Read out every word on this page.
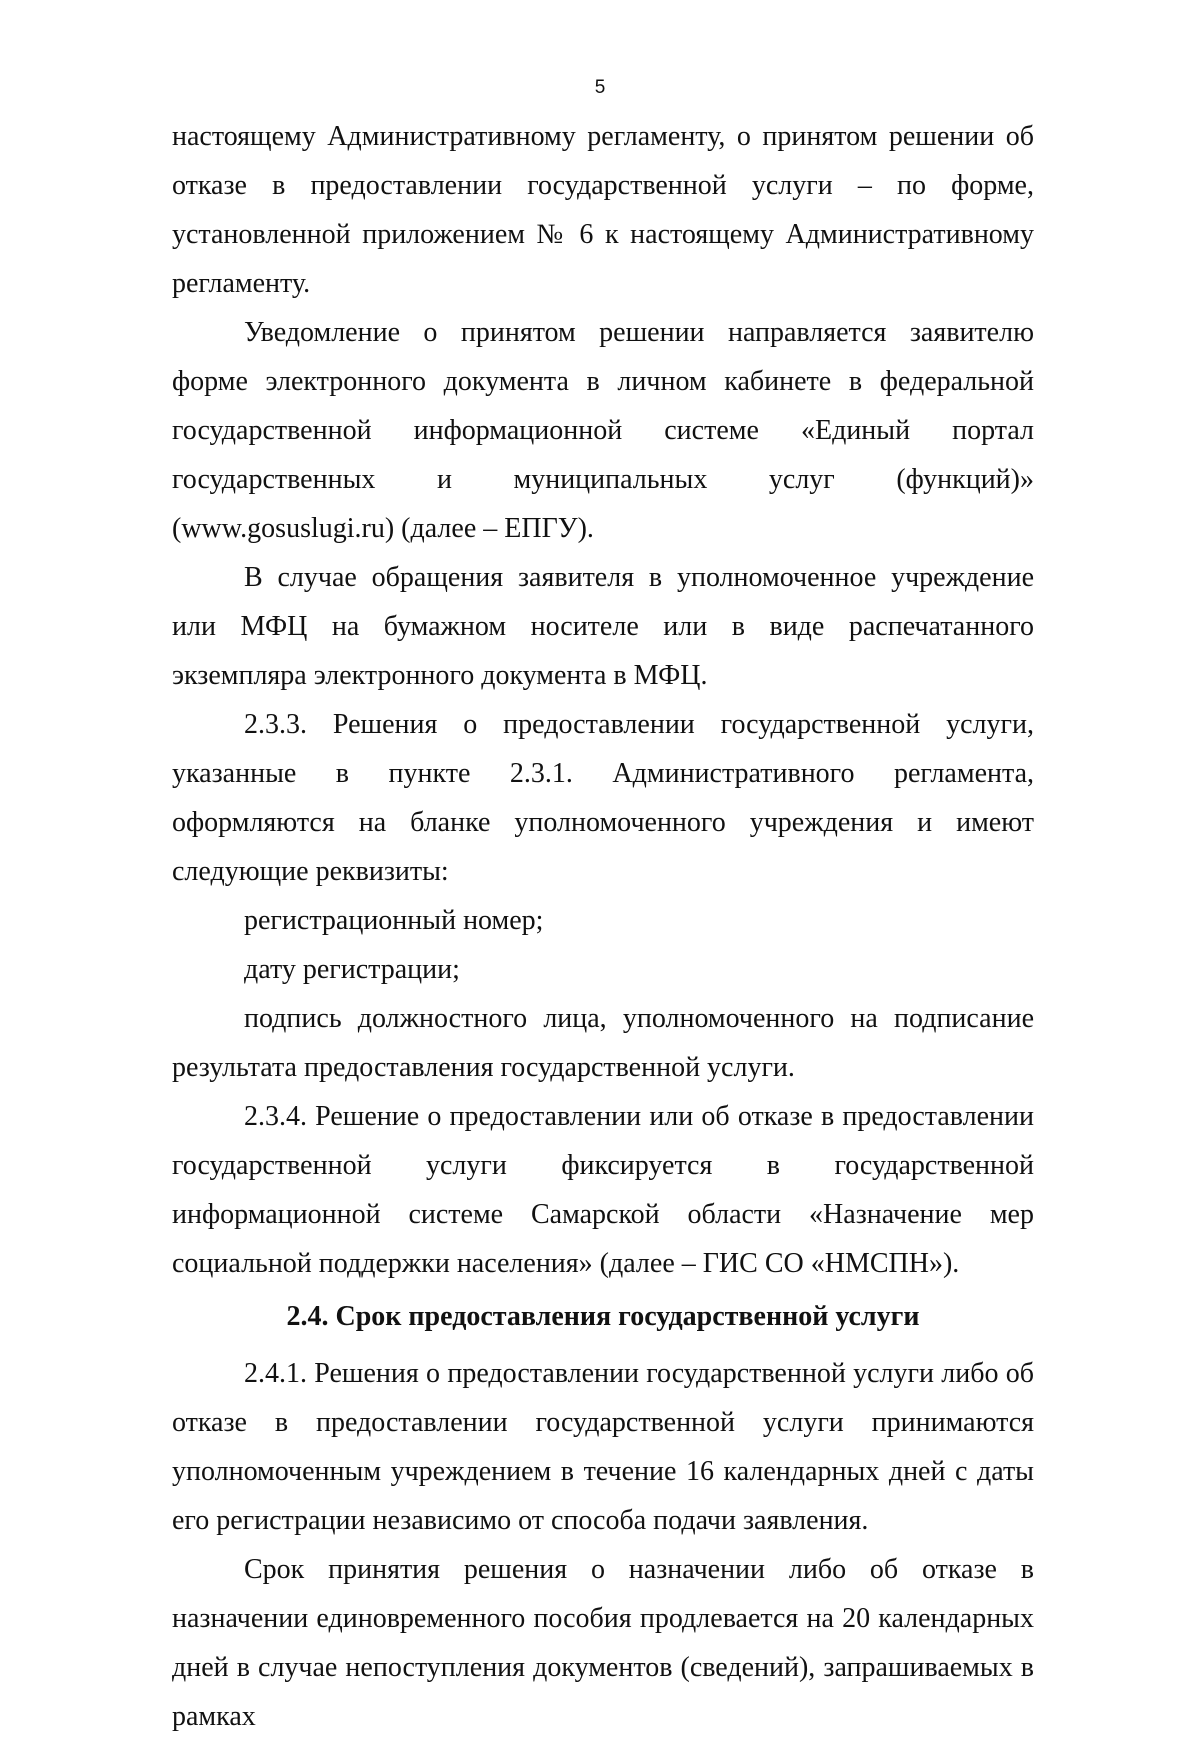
5

настоящему Административному регламенту, о принятом решении об отказе в предоставлении государственной услуги – по форме, установленной приложением № 6 к настоящему Административному регламенту.

Уведомление о принятом решении направляется заявителю форме электронного документа в личном кабинете в федеральной государственной информационной системе «Единый портал государственных и муниципальных услуг (функций)» (www.gosuslugi.ru) (далее – ЕПГУ).

В случае обращения заявителя в уполномоченное учреждение или МФЦ на бумажном носителе или в виде распечатанного экземпляра электронного документа в МФЦ.

2.3.3. Решения о предоставлении государственной услуги, указанные в пункте 2.3.1. Административного регламента, оформляются на бланке уполномоченного учреждения и имеют следующие реквизиты:

регистрационный номер;

дату регистрации;

подпись должностного лица, уполномоченного на подписание результата предоставления государственной услуги.

2.3.4. Решение о предоставлении или об отказе в предоставлении государственной услуги фиксируется в государственной информационной системе Самарской области «Назначение мер социальной поддержки населения» (далее – ГИС СО «НМСПН»).

2.4. Срок предоставления государственной услуги

2.4.1. Решения о предоставлении государственной услуги либо об отказе в предоставлении государственной услуги принимаются уполномоченным учреждением в течение 16 календарных дней с даты его регистрации независимо от способа подачи заявления.

Срок принятия решения о назначении либо об отказе в назначении единовременного пособия продлевается на 20 календарных дней в случае непоступления документов (сведений), запрашиваемых в рамках
